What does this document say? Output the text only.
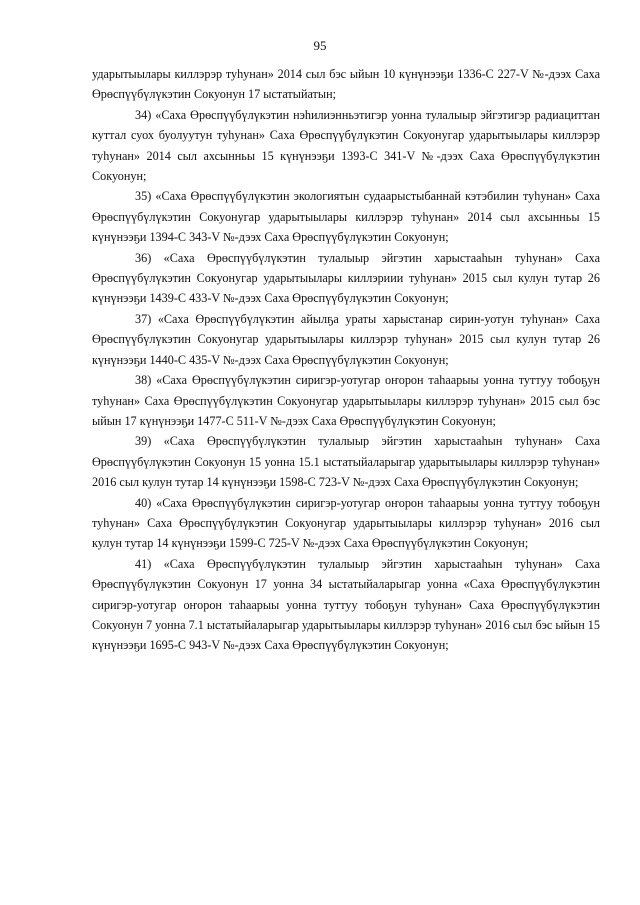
95

ударытыылары киллэрэр туһунан» 2014 сыл бэс ыйын 10 күнүнээҕи 1336-С 227-V №-дээх Саха Өрөспүүбүлүкэтин Сокуонун 17 ыстатыйатын;

34) «Саха Өрөспүүбүлүкэтин нэһилиэнньэтигэр уонна тулалыыр эйгэтигэр радиациттан куттал суох буолуутун туһунан» Саха Өрөспүүбүлүкэтин Сокуонугар ударытыылары киллэрэр туһунан» 2014 сыл ахсынньы 15 күнүнээҕи 1393-С 341-V №-дээх Саха Өрөспүүбүлүкэтин Сокуонун;

35) «Саха Өрөспүүбүлүкэтин экологиятын судаарыстыбаннай кэтэбилин туһунан» Саха Өрөспүүбүлүкэтин Сокуонугар ударытыылары киллэрэр туһунан» 2014 сыл ахсынньы 15 күнүнээҕи 1394-С 343-V №-дээх Саха Өрөспүүбүлүкэтин Сокуонун;

36) «Саха Өрөспүүбүлүкэтин тулалыыр эйгэтин харыстааһын туһунан» Саха Өрөспүүбүлүкэтин Сокуонугар ударытыылары киллэриии туһунан» 2015 сыл кулун тутар 26 күнүнээҕи 1439-С 433-V №-дээх Саха Өрөспүүбүлүкэтин Сокуонун;

37) «Саха Өрөспүүбүлүкэтин айылҕа ураты харыстанар сирин-уотун туһунан» Саха Өрөспүүбүлүкэтин Сокуонугар ударытыылары киллэрэр туһунан» 2015 сыл кулун тутар 26 күнүнээҕи 1440-С 435-V №-дээх Саха Өрөспүүбүлүкэтин Сокуонун;

38) «Саха Өрөспүүбүлүкэтин сиригэр-уотугар оҥорон таһаарыы уонна туттуу тобоҕун туһунан» Саха Өрөспүүбүлүкэтин Сокуонугар ударытыылары киллэрэр туһунан» 2015 сыл бэс ыйын 17 күнүнээҕи 1477-С 511-V №-дээх Саха Өрөспүүбүлүкэтин Сокуонун;

39) «Саха Өрөспүүбүлүкэтин тулалыыр эйгэтин харыстааһын туһунан» Саха Өрөспүүбүлүкэтин Сокуонун 15 уонна 15.1 ыстатыйаларыгар ударытыылары киллэрэр туһунан» 2016 сыл кулун тутар 14 күнүнээҕи 1598-С 723-V №-дээх Саха Өрөспүүбүлүкэтин Сокуонун;

40) «Саха Өрөспүүбүлүкэтин сиригэр-уотугар оҥорон таһаарыы уонна туттуу тобоҕун туһунан» Саха Өрөспүүбүлүкэтин Сокуонугар ударытыылары киллэрэр туһунан» 2016 сыл кулун тутар 14 күнүнээҕи 1599-С 725-V №-дээх Саха Өрөспүүбүлүкэтин Сокуонун;

41) «Саха Өрөспүүбүлүкэтин тулалыыр эйгэтин харыстааһын туһунан» Саха Өрөспүүбүлүкэтин Сокуонун 17 уонна 34 ыстатыйаларыгар уонна «Саха Өрөспүүбүлүкэтин сиригэр-уотугар оҥорон таһаарыы уонна туттуу тобоҕун туһунан» Саха Өрөспүүбүлүкэтин Сокуонун 7 уонна 7.1 ыстатыйаларыгар ударытыылары киллэрэр туһунан» 2016 сыл бэс ыйын 15 күнүнээҕи 1695-С 943-V №-дээх Саха Өрөспүүбүлүкэтин Сокуонун;
